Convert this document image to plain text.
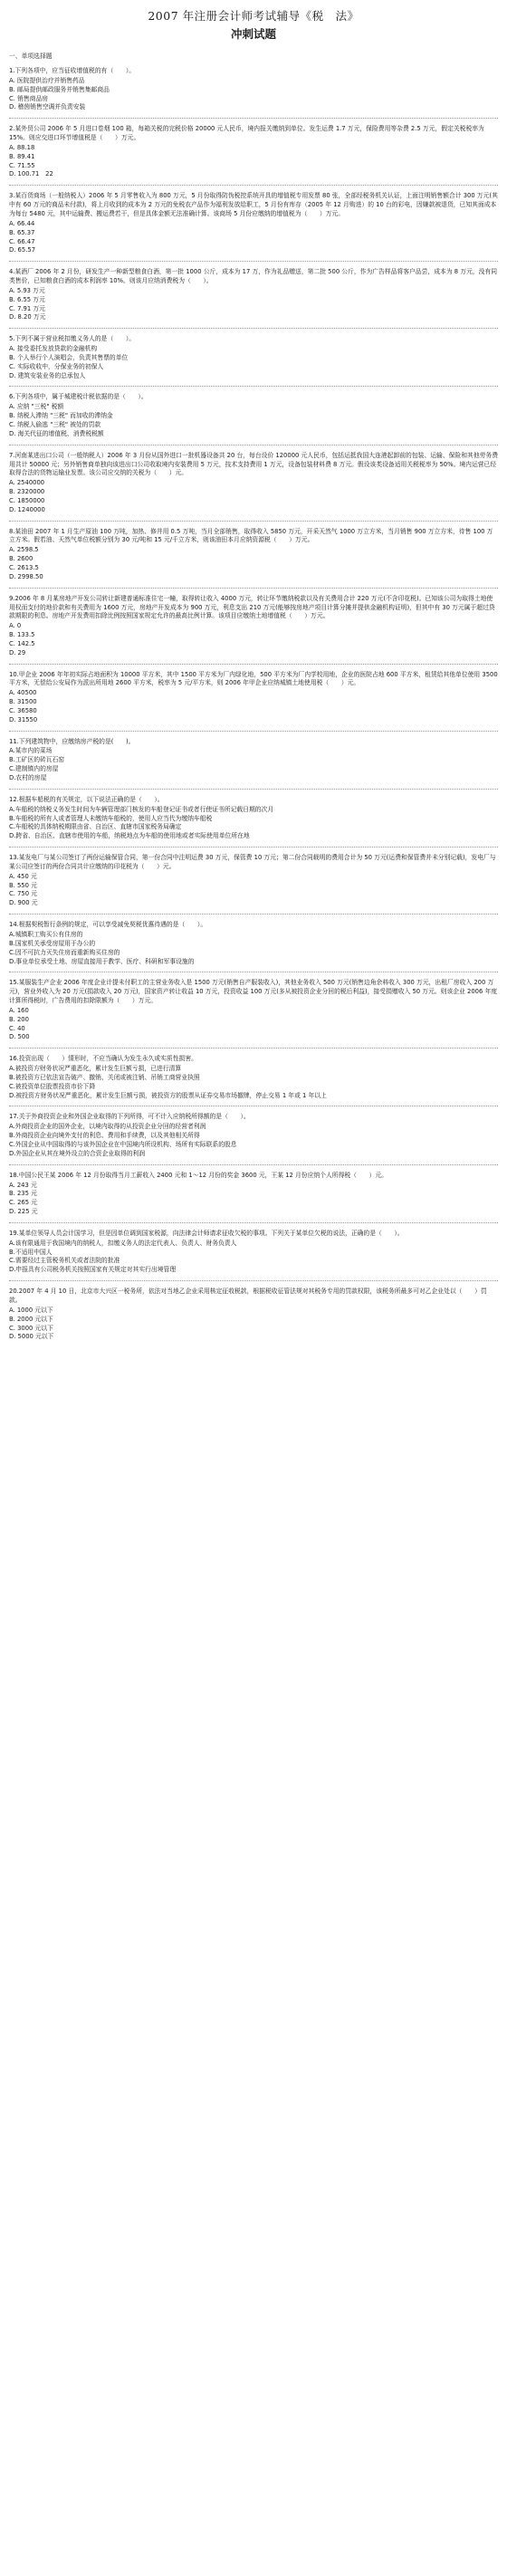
2007 年注册会计师考试辅导《税　法》
冲刺试题
一、单项选择题
1.下列各项中，应当征收增值税的有（　　）。
A. 医院提供治疗并销售药品
B. 邮局提供邮政服务并销售集邮商品
C. 销售商品房
D. 稽茵销售空调并负责安装
2.某外贸公司 2006 年 5 月进口卷烟 100 箱，每箱关税的完税价格 20000 元人民币，境内报关缴纳到单位。发生运费 1.7 万元，保险费用等杂费 2.5 万元，假定关税税率为 15%。则应交进口环节增值税是（　　）万元。
A. 88.18
B. 89.41
C. 71.55
D. 100.71　22
3.某百货商场（一般纳税人）2006 年 5 月零售收入为 800 万元，5 月份取得防伪税控系统开具的增值税专用发票 80 张，全部经税务机关认证，上面注明销售额合计 300 万元(其中有 60 万元的商品未付款)，将上月收到的成本为 2 万元的免税农产品作为福利发放给职工，5 月份有库存（2005 年 12 月购进）的 10 台的彩电，因嫌款被退货，已知其面成本为每台 5480 元，其中运输费、搬运费若干，但是具体金额无法准确计算。该商场 5 月份应缴纳的增值税为（　　）万元。
A. 66.44
B. 65.37
C. 66.47
D. 65.57
4.某酒厂 2006 年 2 月份，研发生产一种新型粮食白酒，第一批 1000 公斤，成本为 17 万，作为礼品赠送，第二批 500 公斤，作为广告样品将客户品尝，成本为 8 万元，没有同类售价，已知粮食白酒的成本利润率 10%。则该月应纳消费税为（　　）。
A. 5.93 万元
B. 6.55 万元
C. 7.91 万元
D. 8.20 万元
5.下列不属于营业税扣缴义务人的是（　　）。
A. 接受委托发放贷款的金融机构
B. 个人举行个人演唱会，负责其售票的单位
C. 实际收收中，分保业务的初保人
D. 建筑安装业务的总承包人
6.下列各项中，属于城建税计税依据的是（　　）。
A. 应纳 "三税" 税额
B. 纳税人滞纳 "三税" 而加收的滞纳金
C. 纳税人偷逃 "三税" 被处的罚款
D. 海关代征的增值税、消费税税额
7.河南某进出口公司（一般纳税人）2006 年 3 月份从国外进口一批机器设备共 20 台，每台设价 120000 元人民币，包括运抵我国大连港起卸前的包装、运输、保险和其他劳务费用共计 50000 元；另外销售商单独向该进出口公司收取境内安装费用 5 万元，技术支持费用 1 万元，设备包装材料费 8 万元。假设该类设备适用关税税率为 50%。境内运营已经取得合法的货物运输业发票。该公司应交纳的关税为（　　）元。
A. 2540000
B. 2320000
C. 1850000
D. 1240000
8.某油田 2007 年 1 月生产原油 100 万吨，加热、修井用 0.5 万吨，当月全部销售，取得收入 5850 万元，开采天然气 1000 万立方米，当月销售 900 万立方米，待售 100 万立方米。假若油、天然气单位税额分别为 30 元/吨和 15 元/千立方米，则该油田本月应纳资源税（　　）万元。
A. 2598.5
B. 2600
C. 2613.5
D. 2998.50
9.2006 年 8 月某房地产开发公司转让新建普通标准住宅一幢，取得转让收入 4000 万元，转让环节缴纳税款以及有关费用合计 220 万元(不含印花税)。已知该公司为取得土地使用权而支付的地价款和有关费用为 1600 万元，房地产开发成本为 900 万元，利息支出 210 万元(能够按房地产项目计算分摊并提供金融机构证明)，但其中有 30 万元属于超过贷款期限的利息。房地产开发费用扣除比例按照国家规定允许的最高比例计算。该项目应缴纳土地增值税（　　）万元。
A. 0
B. 133.5
C. 142.5
D. 29
10.甲企业 2006 年年初实际占地面积为 10000 平方米，其中 1500 平方米为厂内绿化地，500 平方米为厂内学校用地，企业的医院占地 600 平方米，租赁给其他单位使用 3500 平方米，无偿给公安局作为派出所用地 2600 平方米，税率为 5 元/平方米，则 2006 年甲企业应纳城镇土地使用税（　　）元。
A. 40500
B. 31500
C. 36580
D. 31550
11.下列建筑物中，应缴纳房产税的是(　　)。
A.某市内的菜场
B.工矿区的砖瓦石窑
C.建制镇内的房屋
D.农村的房屋
12.根据车船税的有关规定，以下说法正确的是（　　）。
A.车船税的纳税义务发生时间为车辆管理部门核发的车船登记证书或者行使证书所记载日期的次月
B.车船税的所有人或者管理人未缴纳车船税的，使用人应当代为缴纳车船税
C.车船税的具体纳税期限由省、自治区、直辖市国家税务局确定
D.跨省、自治区、直辖市使用的车船，纳税地点为车船的使用地或者实际使用单位所在地
13.某发电厂与某公司签订了两份运输保管合同，第一份合同中注明运费 30 万元，保管费 10 万元；第二份合同载明的费用合计为 50 万元(运费和保管费并未分别记载)，发电厂与某公司应签订的两份合同共计应缴纳的印花税为（　　）元。
A. 450 元
B. 550 元
C. 750 元
D. 900 元
14.根据契税暂行条例的规定，可以享受减免契税优惠待遇的是（　　）。
A.城镇职工购买公有住房的
B.国家机关承受房屋用于办公的
C.因不可抗力灭失住房而重新购买住房的
D.事业单位承受土地、房屋直接用于教学、医疗、科研和军事设施的
15.某服装生产企业 2006 年度企业计提未付职工的主营业务收入是 1500 万元(销售自产服装收入)，其他业务收入 500 万元(销售边角余料收入 300 万元，出租厂房收入 200 万元)，营业外收入为 20 万元(捐款收入 20 万元)，国家资产转让收益 10 万元，投资收益 100 万元(多从被投资企业分回的税后利益)，接受捐赠收入 50 万元。则该企业 2006 年度计算所得税时，广告费用的扣除限额为（　　）万元。
A. 160
B. 200
C. 40
D. 500
16.投资出现（　　）情形时，不应当确认为发生永久或实质性损害。
A.被投资方财务状况严重恶化，累计发生巨额亏损，已进行清算
B.被投资方已依法宣告破产、撤销、关闭或被注销、吊销工商营业执照
C.被投资单位股票投资市价下降
D.被投资方财务状况严重恶化，累计发生巨额亏损，被投资方的股票从证券交易市场撤牌，停止交易 1 年或 1 年以上
17.关于外商投资企业和外国企业取得的下列所得，可不计入应纳税所得额的是（　　）。
A.外商投资企业的国外企业，以境内取得的从投资企业分回的经营者利润
B.外商投资企业向境外支付的利息、费用和手续费，以及其他相关所得
C.外国企业从中国取得的与该外国企业在中国境内所设机构、场所有实际联系的股息
D.外国企业从其在境外设立的合资企业取得的利润
18.中国公民王某 2006 年 12 月份取得当月工薪收入 2400 元和 1～12 月份的奖金 3600 元，王某 12 月份应纳个人所得税（　　）元。
A. 243 元
B. 235 元
C. 265 元
D. 225 元
19.某单位领导人员会计国学习，但是因单位调到国家税源，向法律会计师请求征收欠税的事项。下列关于某单位欠税的说法，正确的是（　　）。
A.该有限通用于我国境内的纳税人，扣缴义务人的法定代表人、负责人、财务负责人
B.不适用中国人
C.需要经过主管税务机关或者法院的批准
D.申报具有公司税务机关按照国家有关规定对其实行出境管理
20.2007 年 4 月 10 日，北京市大兴区一税务所，依法对当地乙企业采用核定征收税款，根据税收征管法规对其税务专用的罚款权限，该税务所最多可对乙企业处以（　　）罚款。
A. 1000 元以下
B. 2000 元以下
C. 3000 元以下
D. 5000 元以下
